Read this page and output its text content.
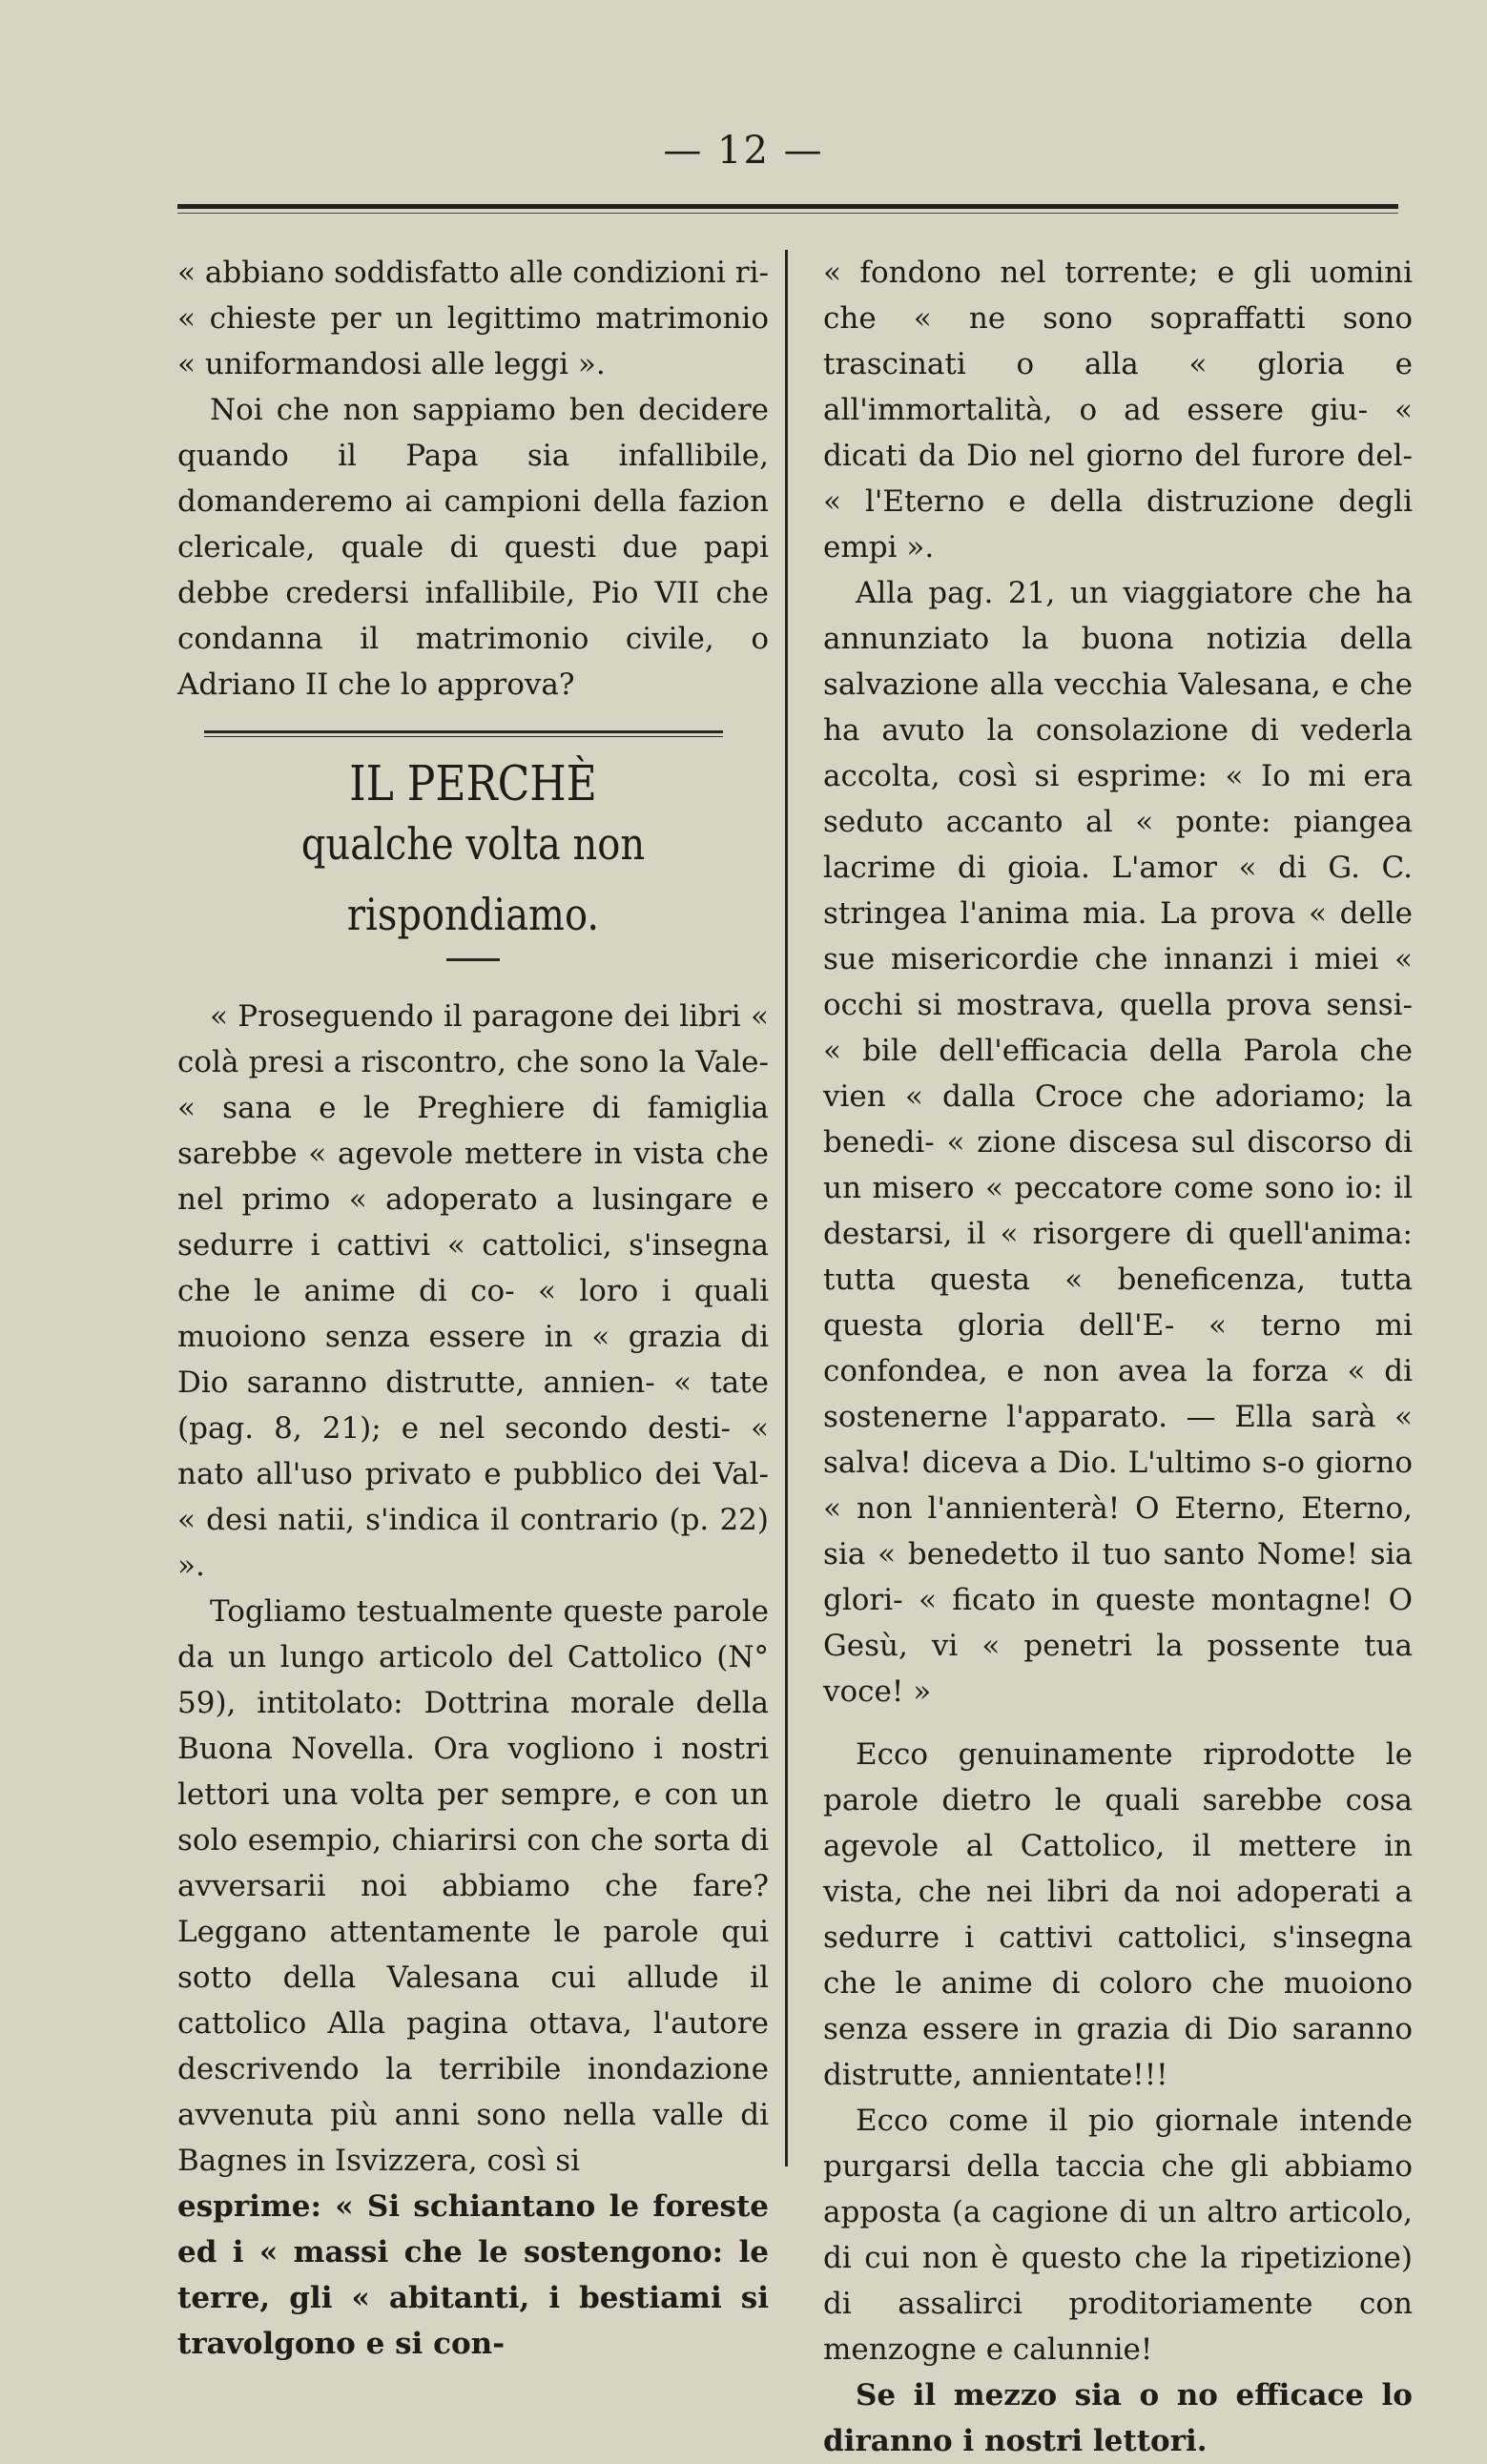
— 12 —

« abbiano soddisfatto alle condizioni ri- « chieste per un legittimo matrimonio « uniformandosi alle leggi ».

Noi che non sappiamo ben decidere quando il Papa sia infallibile, domanderemo ai campioni della fazion clericale, quale di questi due papi debbe credersi infallibile, Pio VII che condanna il matrimonio civile, o Adriano II che lo approva?

IL PERCHÈ
qualche volta non rispondiamo.

« Proseguendo il paragone dei libri « colà presi a riscontro, che sono la Vale- « sana e le Preghiere di famiglia sarebbe « agevole mettere in vista che nel primo « adoperato a lusingare e sedurre i cattivi « cattolici, s'insegna che le anime di co- « loro i quali muoiono senza essere in « grazia di Dio saranno distrutte, annien- « tate (pag. 8, 21); e nel secondo desti- « nato all'uso privato e pubblico dei Val- « desi natii, s'indica il contrario (p. 22) ».

Togliamo testualmente queste parole da un lungo articolo del Cattolico (N° 59), intitolato: Dottrina morale della Buona Novella. Ora vogliono i nostri lettori una volta per sempre, e con un solo esempio, chiarirsi con che sorta di avversarii noi abbiamo che fare? Leggano attentamente le parole qui sotto della Valesana cui allude il cattolico Alla pagina ottava, l'autore descrivendo la terribile inondazione avvenuta più anni sono nella valle di Bagnes in Isvizzera, così si

esprime: « Si schiantano le foreste ed i « massi che le sostengono: le terre, gli « abitanti, i bestiami si travolgono e si con-

« fondono nel torrente; e gli uomini che « ne sono sopraffatti sono trascinati o alla « gloria e all'immortalità, o ad essere giu- « dicati da Dio nel giorno del furore del- « l'Eterno e della distruzione degli empi ».

Alla pag. 21, un viaggiatore che ha annunziato la buona notizia della salvazione alla vecchia Valesana, e che ha avuto la consolazione di vederla accolta, così si esprime: « Io mi era seduto accanto al « ponte: piangea lacrime di gioia. L'amor « di G. C. stringea l'anima mia. La prova « delle sue misericordie che innanzi i miei « occhi si mostrava, quella prova sensi- « bile dell'efficacia della Parola che vien « dalla Croce che adoriamo; la benedi- « zione discesa sul discorso di un misero « peccatore come sono io: il destarsi, il « risorgere di quell'anima: tutta questa « beneficenza, tutta questa gloria dell'E- « terno mi confondea, e non avea la forza « di sostenerne l'apparato. — Ella sarà « salva! diceva a Dio. L'ultimo s-o giorno « non l'annienterà! O Eterno, Eterno, sia « benedetto il tuo santo Nome! sia glori- « ficato in queste montagne! O Gesù, vi « penetri la possente tua voce! »

Ecco genuinamente riprodotte le parole dietro le quali sarebbe cosa agevole al Cattolico, il mettere in vista, che nei libri da noi adoperati a sedurre i cattivi cattolici, s'insegna che le anime di coloro che muoiono senza essere in grazia di Dio saranno distrutte, annientate!!!

Ecco come il pio giornale intende purgarsi della taccia che gli abbiamo apposta (a cagione di un altro articolo, di cui non è questo che la ripetizione) di assalirci proditoriamente con menzogne e calunnie!

Se il mezzo sia o no efficace lo diranno i nostri lettori.
